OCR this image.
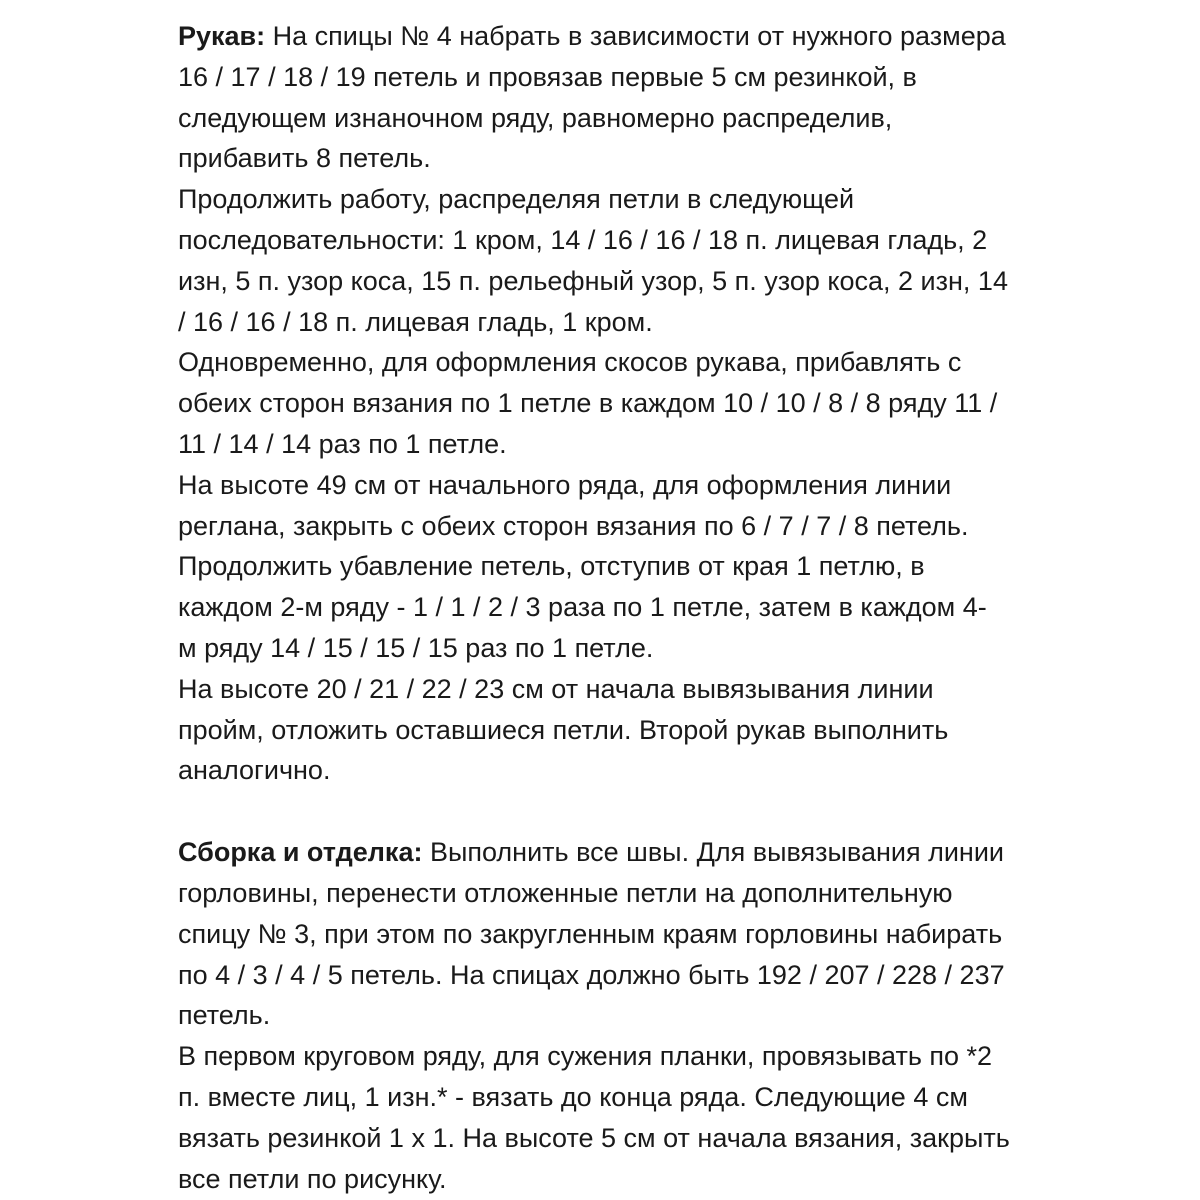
Рукав: На спицы № 4 набрать в зависимости от нужного размера
16 / 17 / 18 / 19 петель и провязав первые 5 см резинкой, в
следующем изнаночном ряду, равномерно распределив,
прибавить 8 петель.
Продолжить работу, распределяя петли в следующей
последовательности: 1 кром, 14 / 16 / 16 / 18 п. лицевая гладь, 2
изн, 5 п. узор коса, 15 п. рельефный узор, 5 п. узор коса, 2 изн, 14
/ 16 / 16 / 18 п. лицевая гладь, 1 кром.
Одновременно, для оформления скосов рукава, прибавлять с
обеих сторон вязания по 1 петле в каждом 10 / 10 / 8 / 8 ряду 11 /
11 / 14 / 14 раз по 1 петле.
На высоте 49 см от начального ряда, для оформления линии
реглана, закрыть с обеих сторон вязания по 6 / 7 / 7 / 8 петель.
Продолжить убавление петель, отступив от края 1 петлю, в
каждом 2-м ряду - 1 / 1 / 2 / 3 раза по 1 петле, затем в каждом 4-
м ряду 14 / 15 / 15 / 15 раз по 1 петле.
На высоте 20 / 21 / 22 / 23 см от начала вывязывания линии
пройм, отложить оставшиеся петли. Второй рукав выполнить
аналогично.
Сборка и отделка: Выполнить все швы. Для вывязывания линии
горловины, перенести отложенные петли на дополнительную
спицу № 3, при этом по закругленным краям горловины набирать
по 4 / 3 / 4 / 5 петель. На спицах должно быть 192 / 207 / 228 / 237
петель.
В первом круговом ряду, для сужения планки, провязывать по *2
п. вместе лиц, 1 изн.* - вязать до конца ряда. Следующие 4 см
вязать резинкой 1 х 1. На высоте 5 см от начала вязания, закрыть
все петли по рисунку.
